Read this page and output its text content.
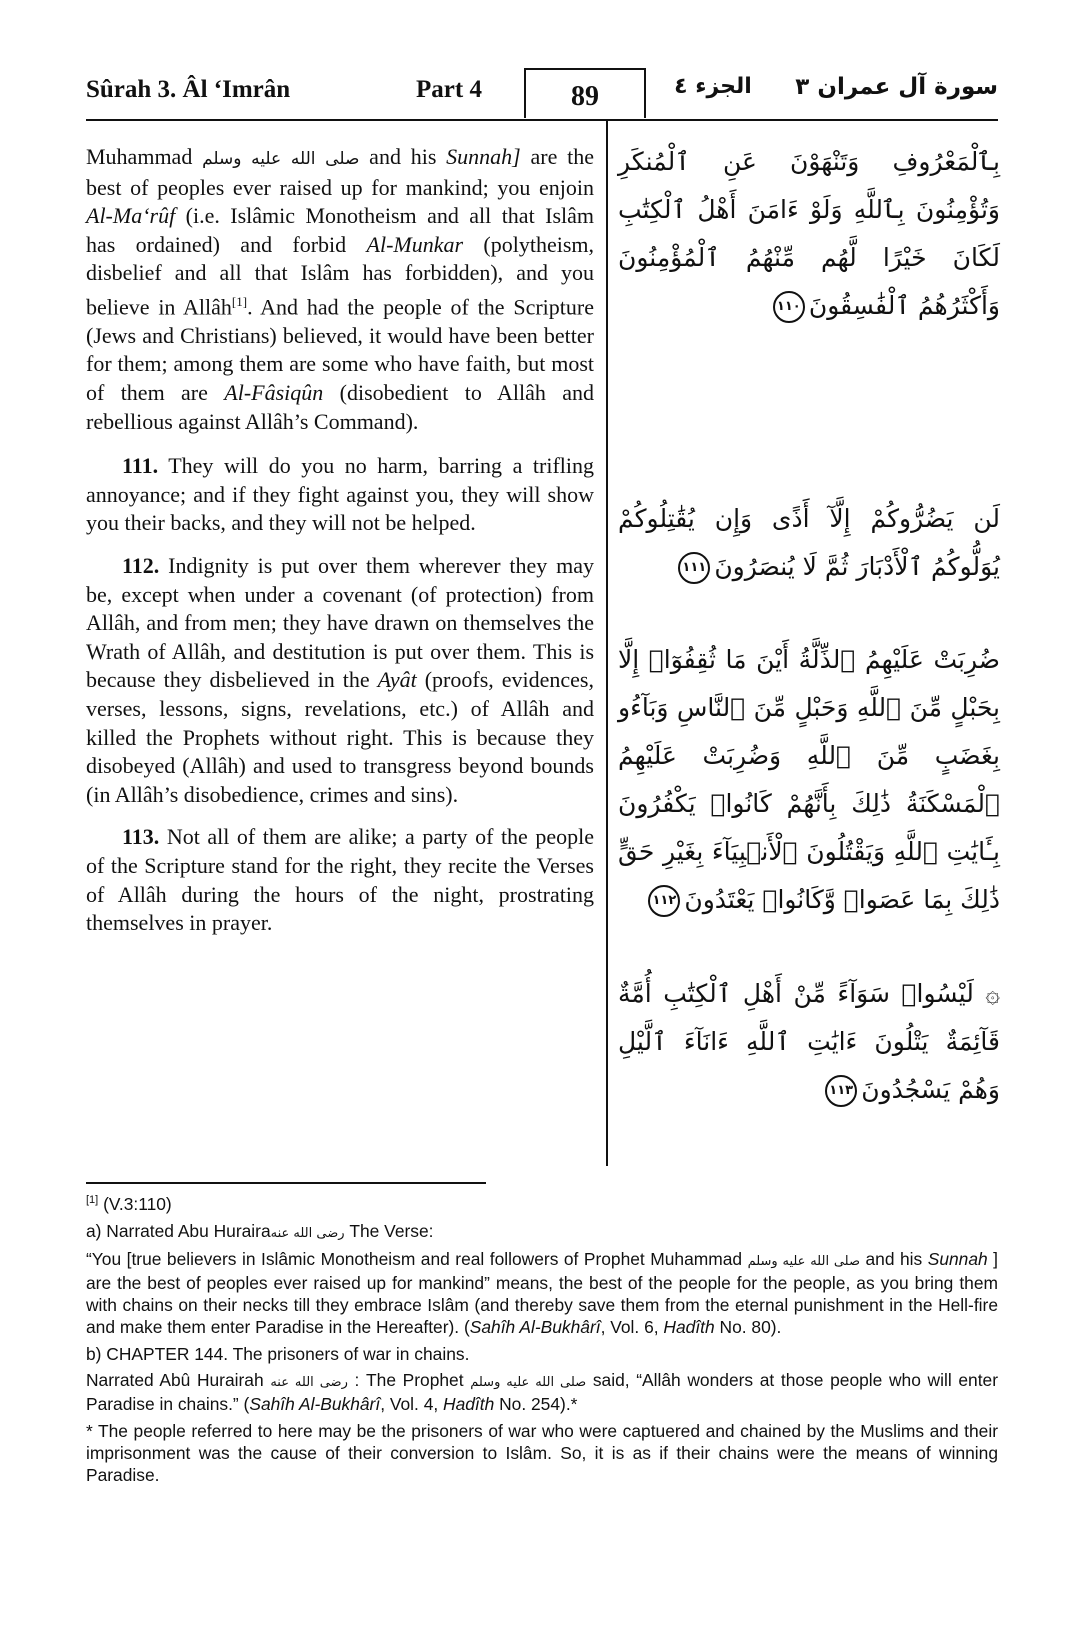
Sûrah 3. Âl ‘Imrân	Part 4	89	الجزء ٤	سورة آل عمران ٣

Muhammad صلى الله عليه وسلم and his Sunnah] are the best of peoples ever raised up for mankind; you enjoin Al-Ma‘rûf (i.e. Islâmic Monotheism and all that Islâm has ordained) and forbid Al-Munkar (polytheism, disbelief and all that Islâm has forbidden), and you believe in Allâh[1]. And had the people of the Scripture (Jews and Christians) believed, it would have been better for them; among them are some who have faith, but most of them are Al-Fâsiqûn (disobedient to Allâh and rebellious against Allâh’s Command).

111. They will do you no harm, barring a trifling annoyance; and if they fight against you, they will show you their backs, and they will not be helped.

112. Indignity is put over them wherever they may be, except when under a covenant (of protection) from Allâh, and from men; they have drawn on themselves the Wrath of Allâh, and destitution is put over them. This is because they disbelieved in the Ayât (proofs, evidences, verses, lessons, signs, revelations, etc.) of Allâh and killed the Prophets without right. This is because they disobeyed (Allâh) and used to transgress beyond bounds (in Allâh’s disobedience, crimes and sins).

113. Not all of them are alike; a party of the people of the Scripture stand for the right, they recite the Verses of Allâh during the hours of the night, prostrating themselves in prayer.

بِٱلْمَعْرُوفِ وَتَنْهَوْنَ عَنِ ٱلْمُنكَرِ وَتُؤْمِنُونَ بِٱللَّهِ وَلَوْ ءَامَنَ أَهْلُ ٱلْكِتَٰبِ لَكَانَ خَيْرًا لَّهُم مِّنْهُمُ ٱلْمُؤْمِنُونَ وَأَكْثَرُهُمُ ٱلْفَٰسِقُونَ١١٠

لَن يَضُرُّوكُمْ إِلَّآ أَذًى وَإِن يُقَٰتِلُوكُمْ يُوَلُّوكُمُ ٱلْأَدْبَارَ ثُمَّ لَا يُنصَرُونَ١١١

ضُرِبَتْ عَلَيْهِمُ ٱلذِّلَّةُ أَيْنَ مَا ثُقِفُوٓا۟ إِلَّا بِحَبْلٍ مِّنَ ٱللَّهِ وَحَبْلٍ مِّنَ ٱلنَّاسِ وَبَآءُو بِغَضَبٍ مِّنَ ٱللَّهِ وَضُرِبَتْ عَلَيْهِمُ ٱلْمَسْكَنَةُ ذَٰلِكَ بِأَنَّهُمْ كَانُوا۟ يَكْفُرُونَ بِـَٔايَٰتِ ٱللَّهِ وَيَقْتُلُونَ ٱلْأَنۢبِيَآءَ بِغَيْرِ حَقٍّ ذَٰلِكَ بِمَا عَصَوا۟ وَّكَانُوا۟ يَعْتَدُونَ١١٢

۞ لَيْسُوا۟ سَوَآءً مِّنْ أَهْلِ ٱلْكِتَٰبِ أُمَّةٌ قَآئِمَةٌ يَتْلُونَ ءَايَٰتِ ٱللَّهِ ءَانَآءَ ٱلَّيْلِ وَهُمْ يَسْجُدُونَ١١٣

[1] (V.3:110)

a) Narrated Abu Hurairaرضى الله عنه The Verse:

“You [true believers in Islâmic Monotheism and real followers of Prophet Muhammad صلى الله عليه وسلم and his Sunnah ] are the best of peoples ever raised up for mankind” means, the best of the people for the people, as you bring them with chains on their necks till they embrace Islâm (and thereby save them from the eternal punishment in the Hell-fire and make them enter Paradise in the Hereafter). (Sahîh Al-Bukhârî, Vol. 6, Hadîth No. 80).

b) CHAPTER 144. The prisoners of war in chains.

Narrated Abû Hurairah رضى الله عنه : The Prophet صلى الله عليه وسلم said, “Allâh wonders at those people who will enter Paradise in chains.” (Sahîh Al-Bukhârî, Vol. 4, Hadîth No. 254).*

* The people referred to here may be the prisoners of war who were captuered and chained by the Muslims and their imprisonment was the cause of their conversion to Islâm. So, it is as if their chains were the means of winning Paradise.
